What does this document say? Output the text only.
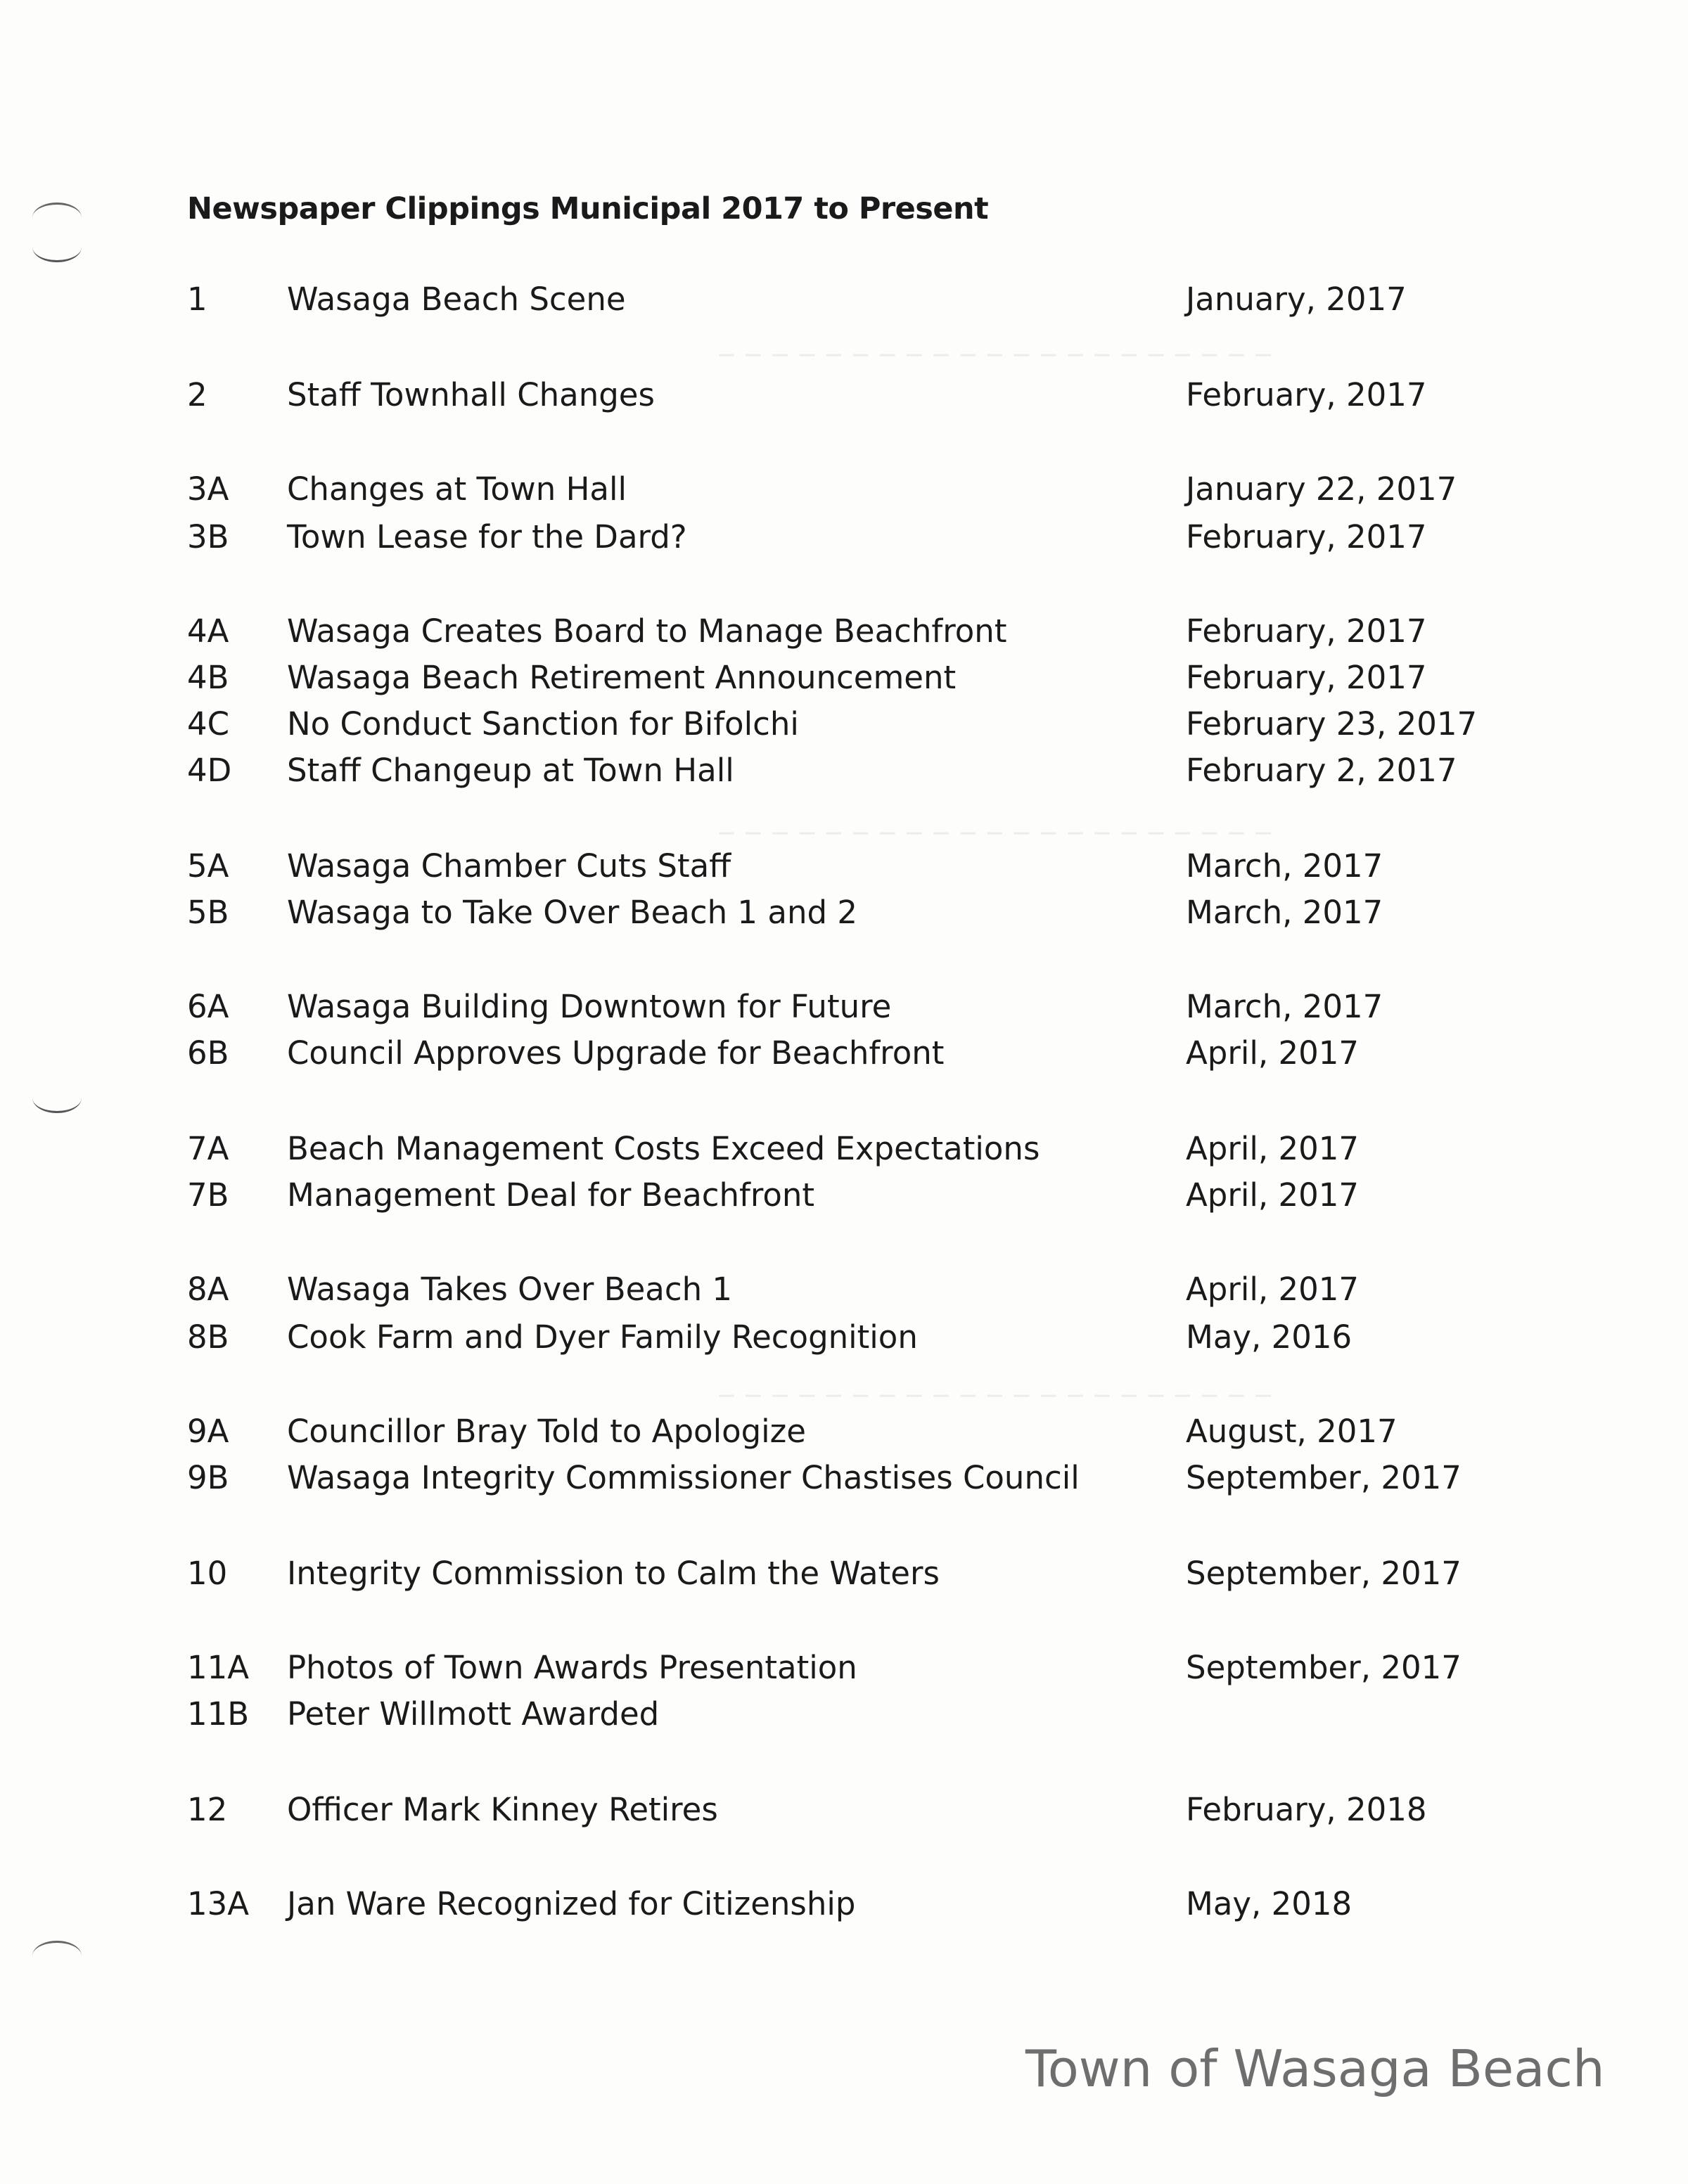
‒ ‒ ‒ ‒ ‒ ‒ ‒ ‒ ‒ ‒ ‒ ‒ ‒ ‒ ‒ ‒ ‒ ‒ ‒ ‒ ‒
‒ ‒ ‒ ‒ ‒ ‒ ‒ ‒ ‒ ‒ ‒ ‒ ‒ ‒ ‒ ‒ ‒ ‒ ‒ ‒ ‒
‒ ‒ ‒ ‒ ‒ ‒ ‒ ‒ ‒ ‒ ‒ ‒ ‒ ‒ ‒ ‒ ‒ ‒ ‒ ‒ ‒
Newspaper Clippings Municipal 2017 to Present
1	Wasaga Beach Scene	January, 2017
2	Staff Townhall Changes	February, 2017
3A	Changes at Town Hall	January 22, 2017
3B	Town Lease for the Dard?	February, 2017
4A	Wasaga Creates Board to Manage Beachfront	February, 2017
4B	Wasaga Beach Retirement Announcement	February, 2017
4C	No Conduct Sanction for Bifolchi	February 23, 2017
4D	Staff Changeup at Town Hall	February 2, 2017
5A	Wasaga Chamber Cuts Staff	March, 2017
5B	Wasaga to Take Over Beach 1 and 2	March, 2017
6A	Wasaga Building Downtown for Future	March, 2017
6B	Council Approves Upgrade for Beachfront	April, 2017
7A	Beach Management Costs Exceed Expectations	April, 2017
7B	Management Deal for Beachfront	April, 2017
8A	Wasaga Takes Over Beach 1	April, 2017
8B	Cook Farm and Dyer Family Recognition	May, 2016
9A	Councillor Bray Told to Apologize	August, 2017
9B	Wasaga Integrity Commissioner Chastises Council	September, 2017
10	Integrity Commission to Calm the Waters	September, 2017
11A	Photos of Town Awards Presentation	September, 2017
11B	Peter Willmott Awarded
12	Officer Mark Kinney Retires	February, 2018
13A	Jan Ware Recognized for Citizenship	May, 2018
Town of Wasaga Beach
